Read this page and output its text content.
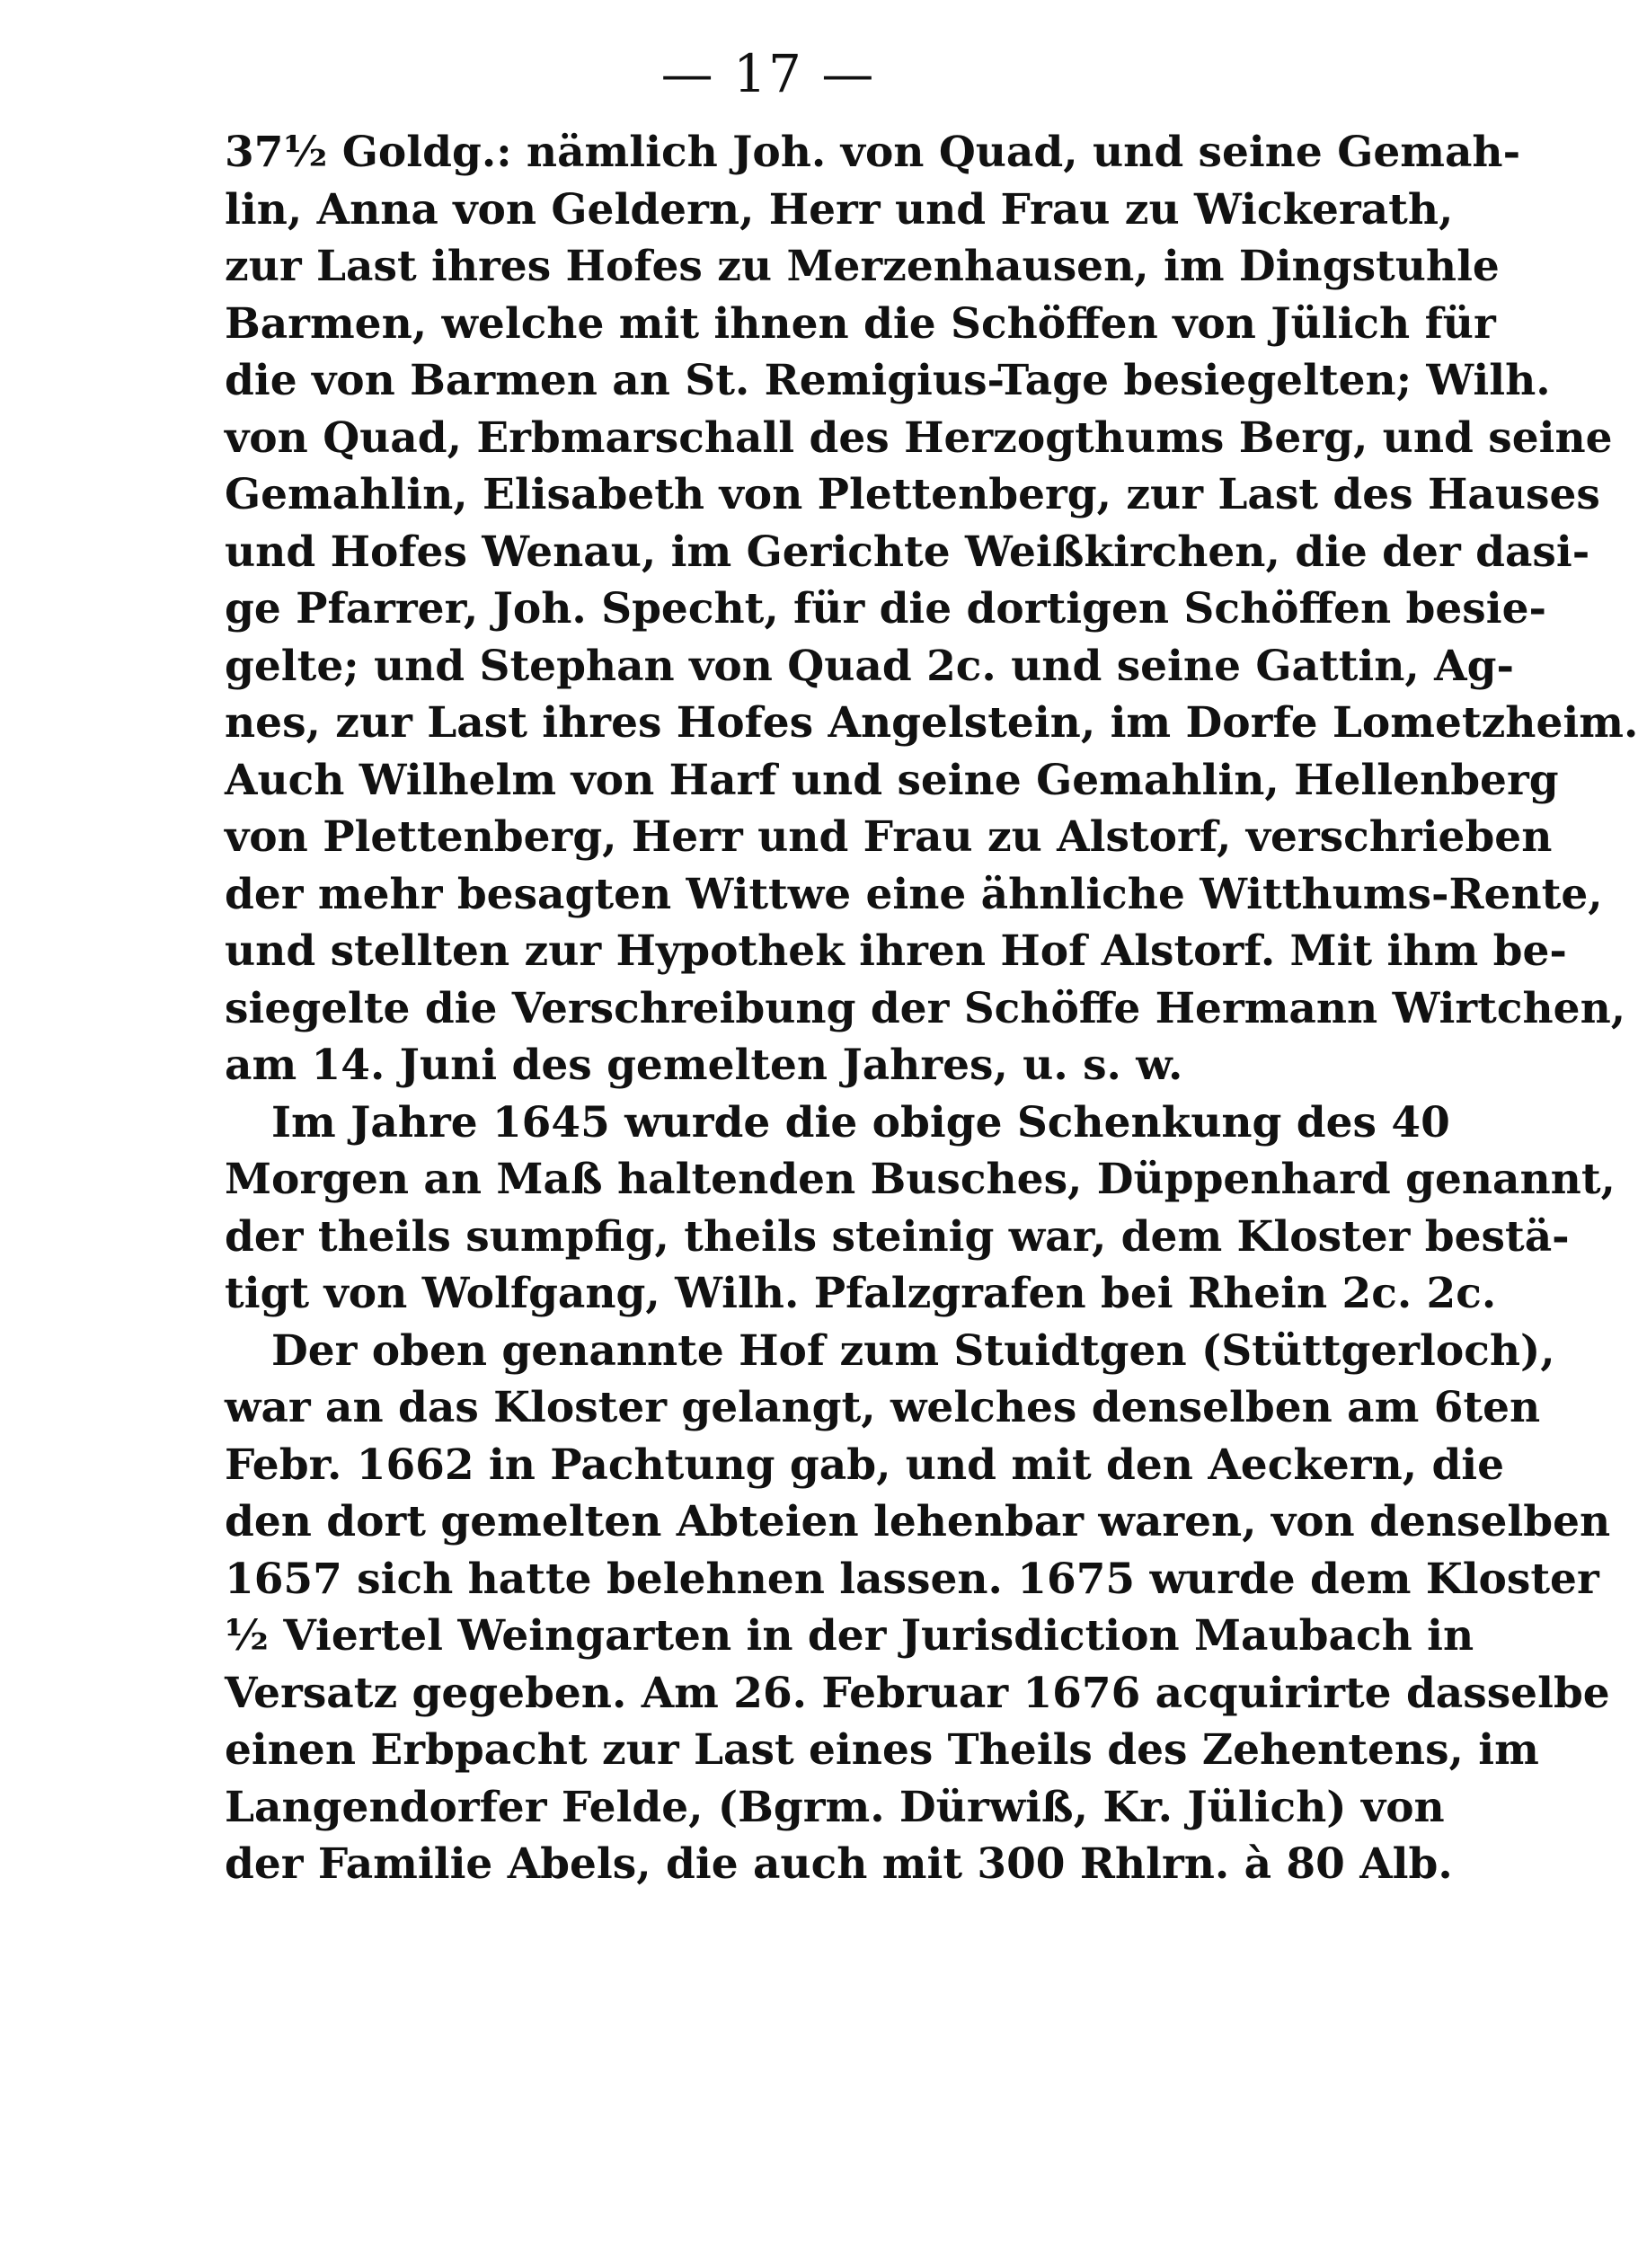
— 17 —
37½ Goldg.: nämlich Joh. von Quad, und seine Gemah-
lin, Anna von Geldern, Herr und Frau zu Wickerath,
zur Last ihres Hofes zu Merzenhausen, im Dingstuhle
Barmen, welche mit ihnen die Schöffen von Jülich für
die von Barmen an St. Remigius-Tage besiegelten; Wilh.
von Quad, Erbmarschall des Herzogthums Berg, und seine
Gemahlin, Elisabeth von Plettenberg, zur Last des Hauses
und Hofes Wenau, im Gerichte Weißkirchen, die der dasi-
ge Pfarrer, Joh. Specht, für die dortigen Schöffen besie-
gelte; und Stephan von Quad 2c. und seine Gattin, Ag-
nes, zur Last ihres Hofes Angelstein, im Dorfe Lometzheim.
Auch Wilhelm von Harf und seine Gemahlin, Hellenberg
von Plettenberg, Herr und Frau zu Alstorf, verschrieben
der mehr besagten Wittwe eine ähnliche Witthums-Rente,
und stellten zur Hypothek ihren Hof Alstorf. Mit ihm be-
siegelte die Verschreibung der Schöffe Hermann Wirtchen,
am 14. Juni des gemelten Jahres, u. s. w.
Im Jahre 1645 wurde die obige Schenkung des 40
Morgen an Maß haltenden Busches, Düppenhard genannt,
der theils sumpfig, theils steinig war, dem Kloster bestä-
tigt von Wolfgang, Wilh. Pfalzgrafen bei Rhein 2c. 2c.
Der oben genannte Hof zum Stuidtgen (Stüttgerloch),
war an das Kloster gelangt, welches denselben am 6ten
Febr. 1662 in Pachtung gab, und mit den Aeckern, die
den dort gemelten Abteien lehenbar waren, von denselben
1657 sich hatte belehnen lassen. 1675 wurde dem Kloster
½ Viertel Weingarten in der Jurisdiction Maubach in
Versatz gegeben. Am 26. Februar 1676 acquirirte dasselbe
einen Erbpacht zur Last eines Theils des Zehentens, im
Langendorfer Felde, (Bgrm. Dürwiß, Kr. Jülich) von
der Familie Abels, die auch mit 300 Rhlrn. à 80 Alb.
